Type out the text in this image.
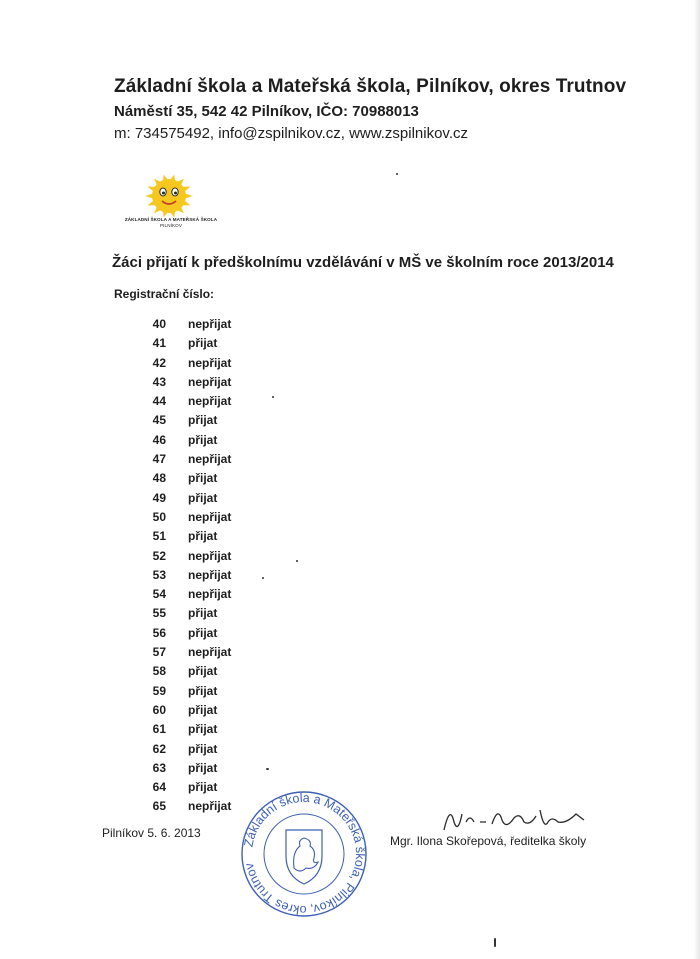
Základní škola a Mateřská škola, Pilníkov, okres Trutnov
Náměstí 35, 542 42 Pilníkov, IČO: 70988013
m: 734575492, info@zspilnikov.cz, www.zspilnikov.cz
ZÁKLADNÍ ŠKOLA A MATEŘSKÁ ŠKOLA
PILNÍKOV
Žáci přijatí k předškolnímu vzdělávání v MŠ ve školním roce 2013/2014
Registrační číslo:
40 nepřijat
41 přijat
42 nepřijat
43 nepřijat
44 nepřijat
45 přijat
46 přijat
47 nepřijat
48 přijat
49 přijat
50 nepřijat
51 přijat
52 nepřijat
53 nepřijat
54 nepřijat
55 přijat
56 přijat
57 nepřijat
58 přijat
59 přijat
60 přijat
61 přijat
62 přijat
63 přijat
64 přijat
65 nepřijat
Pilníkov 5. 6. 2013
Základní škola a Mateřská škola, Pilníkov, okres Trutnov
Mgr. Ilona Skořepová, ředitelka školy
